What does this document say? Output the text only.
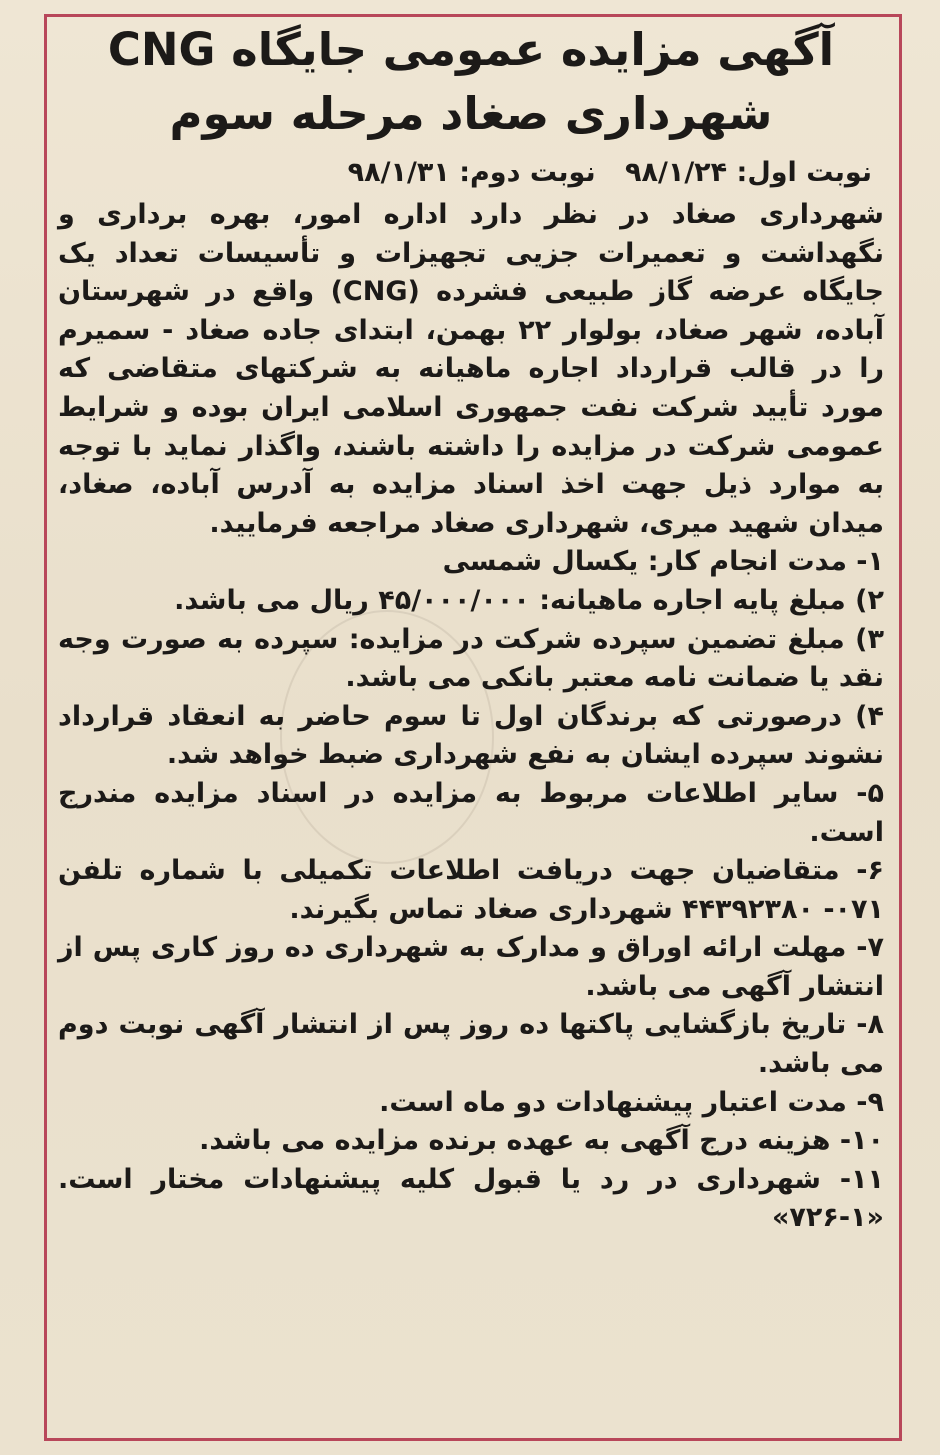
آگهی مزایده عمومی جایگاه CNG
شهرداری صغاد مرحله سوم
نوبت اول: ۹۸/۱/۲۴ نوبت دوم: ۹۸/۱/۳۱

شهرداری صغاد در نظر دارد اداره امور، بهره برداری و نگهداشت و تعمیرات جزیی تجهیزات و تأسیسات تعداد یک جایگاه عرضه گاز طبیعی فشرده (CNG) واقع در شهرستان آباده، شهر صغاد، بولوار ۲۲ بهمن، ابتدای جاده صغاد - سمیرم را در قالب قرارداد اجاره ماهیانه به شرکتهای متقاضی که مورد تأیید شرکت نفت جمهوری اسلامی ایران بوده و شرایط عمومی شرکت در مزایده را داشته باشند، واگذار نماید با توجه به موارد ذیل جهت اخذ اسناد مزایده به آدرس آباده، صغاد، میدان شهید میری، شهرداری صغاد مراجعه فرمایید.

۱- مدت انجام کار: یکسال شمسی

۲) مبلغ پایه اجاره ماهیانه: ۴۵/۰۰۰/۰۰۰ ریال می باشد.

۳) مبلغ تضمین سپرده شرکت در مزایده: سپرده به صورت وجه نقد یا ضمانت نامه معتبر بانکی می باشد.

۴) درصورتی که برندگان اول تا سوم حاضر به انعقاد قرارداد نشوند سپرده ایشان به نفع شهرداری ضبط خواهد شد.

۵- سایر اطلاعات مربوط به مزایده در اسناد مزایده مندرج است.

۶- متقاضیان جهت دریافت اطلاعات تکمیلی با شماره تلفن ۰۷۱- ۴۴۳۹۲۳۸۰ شهرداری صغاد تماس بگیرند.

۷- مهلت ارائه اوراق و مدارک به شهرداری ده روز کاری پس از انتشار آگهی می باشد.

۸- تاریخ بازگشایی پاکتها ده روز پس از انتشار آگهی نوبت دوم می باشد.

۹- مدت اعتبار پیشنهادات دو ماه است.

۱۰- هزینه درج آگهی به عهده برنده مزایده می باشد.

۱۱- شهرداری در رد یا قبول کلیه پیشنهادات مختار است. «۱-۷۲۶»
